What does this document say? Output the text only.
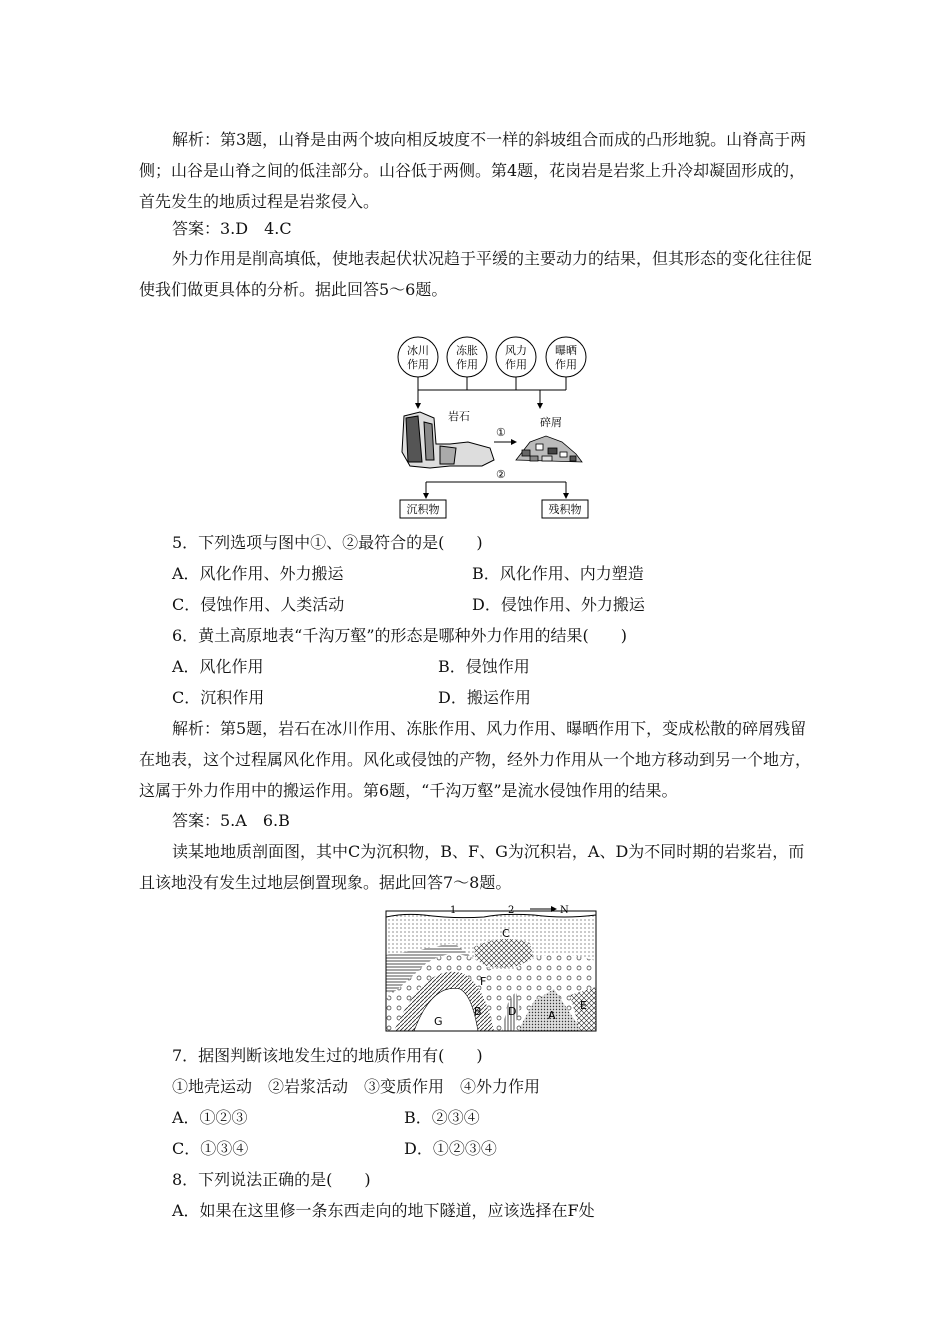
解析：第3题，山脊是由两个坡向相反坡度不一样的斜坡组合而成的凸形地貌。山脊高于两侧；山谷是山脊之间的低洼部分。山谷低于两侧。第4题，花岗岩是岩浆上升冷却凝固形成的，首先发生的地质过程是岩浆侵入。

答案：3.D　4.C

外力作用是削高填低，使地表起伏状况趋于平缓的主要动力的结果，但其形态的变化往往促使我们做更具体的分析。据此回答5～6题。

冰川
作用
冻胀
作用
风力
作用
曝晒
作用
岩石
①
碎屑
②
沉积物	残积物
5．下列选项与图中①、②最符合的是(　　)
A．风化作用、外力搬运	B．风化作用、内力塑造
C．侵蚀作用、人类活动	D．侵蚀作用、外力搬运
6．黄土高原地表“千沟万壑”的形态是哪种外力作用的结果(　　)
A．风化作用	B．侵蚀作用
C．沉积作用	D．搬运作用

解析：第5题，岩石在冰川作用、冻胀作用、风力作用、曝晒作用下，变成松散的碎屑残留在地表，这个过程属风化作用。风化或侵蚀的产物，经外力作用从一个地方移动到另一个地方，这属于外力作用中的搬运作用。第6题，“千沟万壑”是流水侵蚀作用的结果。

答案：5.A　6.B

读某地地质剖面图，其中C为沉积物，B、F、G为沉积岩，A、D为不同时期的岩浆岩，而且该地没有发生过地层倒置现象。据此回答7～8题。

1	2	N
C
F
B D	A
G
E
7．据图判断该地发生过的地质作用有(　　)
①地壳运动　②岩浆活动　③变质作用　④外力作用
A．①②③	B．②③④
C．①③④	D．①②③④
8．下列说法正确的是(　　)
A．如果在这里修一条东西走向的地下隧道，应该选择在F处
